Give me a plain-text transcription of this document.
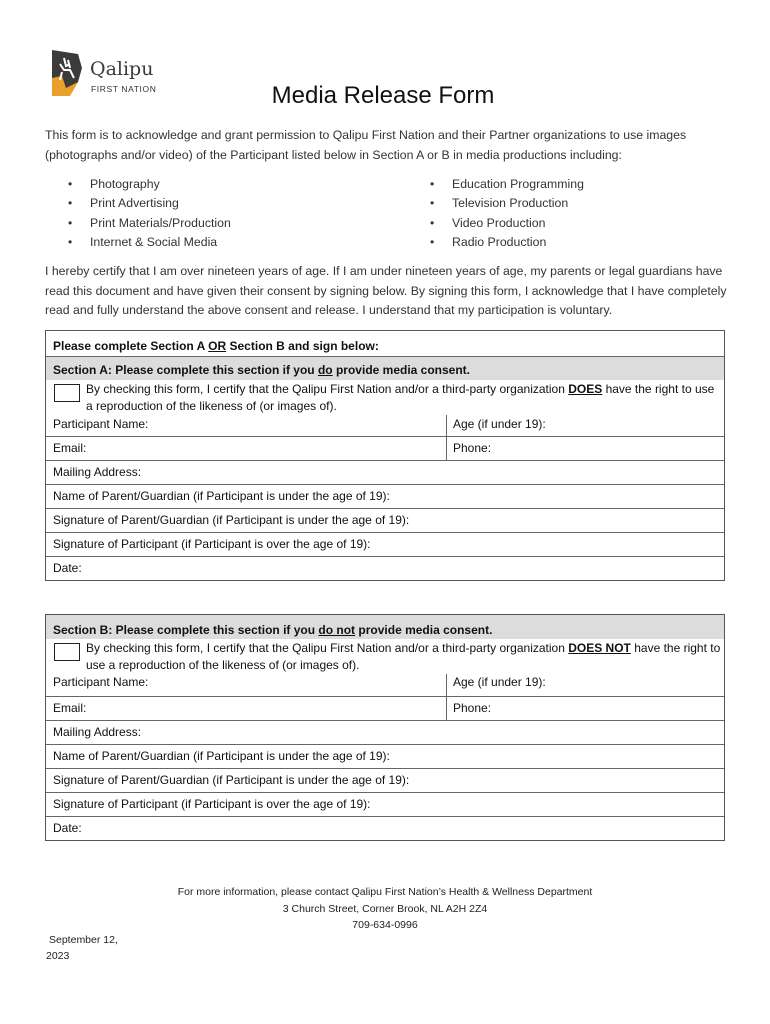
Qalipu
FIRST NATION	Media Release Form
This form is to acknowledge and grant permission to Qalipu First Nation and their Partner organizations to use images (photographs and/or video) of the Participant listed below in Section A or B in media productions including:
• Photography
• Print Advertising
• Print Materials/Production
• Internet & Social Media
• Education Programming
• Television Production
• Video Production
• Radio Production
I hereby certify that I am over nineteen years of age. If I am under nineteen years of age, my parents or legal guardians have read this document and have given their consent by signing below. By signing this form, I acknowledge that I have completely read and fully understand the above consent and release. I understand that my participation is voluntary.
Please complete Section A OR Section B and sign below:
Section A: Please complete this section if you do provide media consent.
By checking this form, I certify that the Qalipu First Nation and/or a third-party organization DOES have the right to use a reproduction of the likeness of (or images of).
Participant Name:	Age (if under 19):
Email:	Phone:
Mailing Address:
Name of Parent/Guardian (if Participant is under the age of 19):
Signature of Parent/Guardian (if Participant is under the age of 19):
Signature of Participant (if Participant is over the age of 19):
Date:
Section B: Please complete this section if you do not provide media consent.
By checking this form, I certify that the Qalipu First Nation and/or a third-party organization DOES NOT have the right to use a reproduction of the likeness of (or images of).
Participant Name:	Age (if under 19):
Email:	Phone:
Mailing Address:
Name of Parent/Guardian (if Participant is under the age of 19):
Signature of Parent/Guardian (if Participant is under the age of 19):
Signature of Participant (if Participant is over the age of 19):
Date:
For more information, please contact Qalipu First Nation’s Health & Wellness Department
3 Church Street, Corner Brook, NL A2H 2Z4
709-634-0996
September 12,
2023
